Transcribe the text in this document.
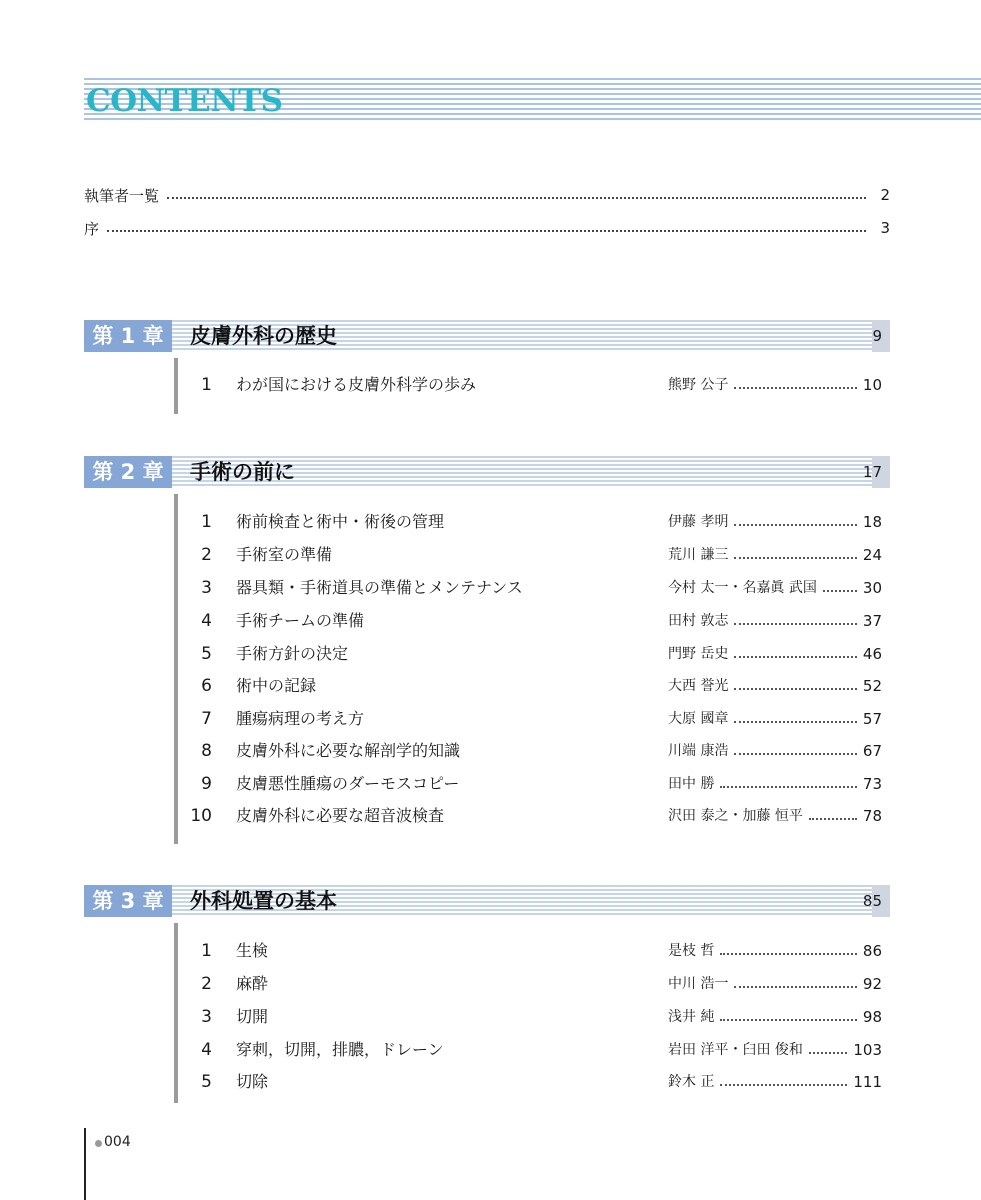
CONTENTS
執筆者一覧	2
序	3
第 1 章	皮膚外科の歴史	9
1 わが国における皮膚外科学の歩み	熊野 公子	10
第 2 章	手術の前に	17
1 術前検査と術中・術後の管理	伊藤 孝明	18
2 手術室の準備	荒川 謙三	24
3 器具類・手術道具の準備とメンテナンス	今村 太一・名嘉眞 武国	30
4 手術チームの準備	田村 敦志	37
5 手術方針の決定	門野 岳史	46
6 術中の記録	大西 誉光	52
7 腫瘍病理の考え方	大原 國章	57
8 皮膚外科に必要な解剖学的知識	川端 康浩	67
9 皮膚悪性腫瘍のダーモスコピー	田中 勝	73
10 皮膚外科に必要な超音波検査	沢田 泰之・加藤 恒平	78
第 3 章	外科処置の基本	85
1 生検	是枝 哲	86
2 麻酔	中川 浩一	92
3 切開	浅井 純	98
4 穿刺，切開，排膿，ドレーン	岩田 洋平・臼田 俊和	103
5 切除	鈴木 正	111
004
